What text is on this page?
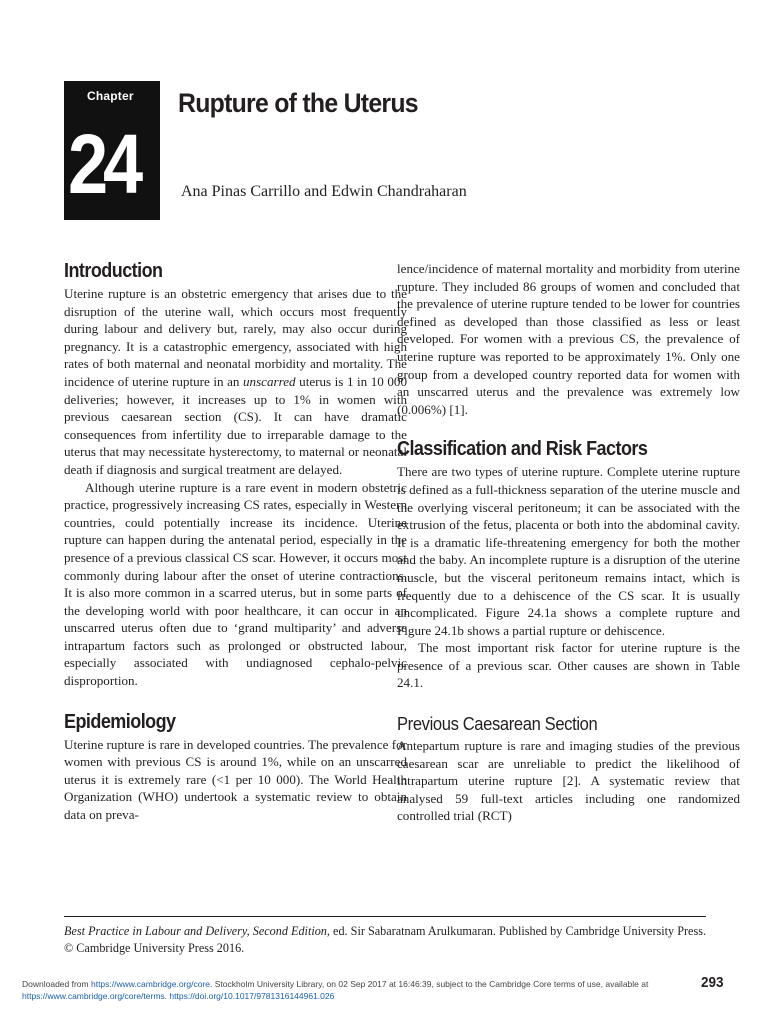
Chapter
24
Rupture of the Uterus
Ana Pinas Carrillo and Edwin Chandraharan
Introduction

Uterine rupture is an obstetric emergency that arises due to the disruption of the uterine wall, which occurs most frequently during labour and delivery but, rarely, may also occur during pregnancy. It is a catastrophic emergency, associated with high rates of both maternal and neonatal morbidity and mortality. The incidence of uterine rupture in an unscarred uterus is 1 in 10 000 deliveries; however, it increases up to 1% in women with previous caesarean section (CS). It can have dramatic consequences from infertility due to irreparable damage to the uterus that may necessitate hysterectomy, to maternal or neonatal death if diagnosis and surgical treatment are delayed.

Although uterine rupture is a rare event in modern obstetric practice, progressively increasing CS rates, especially in Western countries, could potentially increase its incidence. Uterine rupture can happen during the antenatal period, especially in the presence of a previous classical CS scar. However, it occurs most commonly during labour after the onset of uterine contractions. It is also more common in a scarred uterus, but in some parts of the developing world with poor healthcare, it can occur in an unscarred uterus often due to ‘grand multiparity’ and adverse intrapartum factors such as prolonged or obstructed labour, especially associated with undiagnosed cephalo-pelvic disproportion.

Epidemiology

Uterine rupture is rare in developed countries. The prevalence for women with previous CS is around 1%, while on an unscarred uterus it is extremely rare (<1 per 10 000). The World Health Organization (WHO) undertook a systematic review to obtain data on preva-

lence/incidence of maternal mortality and morbidity from uterine rupture. They included 86 groups of women and concluded that the prevalence of uterine rupture tended to be lower for countries defined as developed than those classified as less or least developed. For women with a previous CS, the prevalence of uterine rupture was reported to be approximately 1%. Only one group from a developed country reported data for women with an unscarred uterus and the prevalence was extremely low (0.006%) [1].

Classification and Risk Factors

There are two types of uterine rupture. Complete uterine rupture is defined as a full-thickness separation of the uterine muscle and the overlying visceral peritoneum; it can be associated with the extrusion of the fetus, placenta or both into the abdominal cavity. It is a dramatic life-threatening emergency for both the mother and the baby. An incomplete rupture is a disruption of the uterine muscle, but the visceral peritoneum remains intact, which is frequently due to a dehiscence of the CS scar. It is usually uncomplicated. Figure 24.1a shows a complete rupture and Figure 24.1b shows a partial rupture or dehiscence.

The most important risk factor for uterine rupture is the presence of a previous scar. Other causes are shown in Table 24.1.

Previous Caesarean Section

Antepartum rupture is rare and imaging studies of the previous caesarean scar are unreliable to predict the likelihood of intrapartum uterine rupture [2]. A systematic review that analysed 59 full-text articles including one randomized controlled trial (RCT)

Best Practice in Labour and Delivery, Second Edition, ed. Sir Sabaratnam Arulkumaran. Published by Cambridge University Press. © Cambridge University Press 2016.
Downloaded from https://www.cambridge.org/core. Stockholm University Library, on 02 Sep 2017 at 16:46:39, subject to the Cambridge Core terms of use, available at
https://www.cambridge.org/core/terms. https://doi.org/10.1017/9781316144961.026
293
